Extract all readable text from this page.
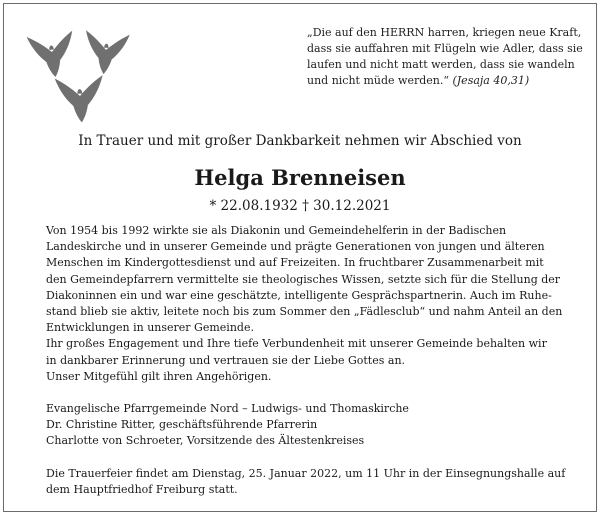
„Die auf den HERRN harren, kriegen neue Kraft,
dass sie auffahren mit Flügeln wie Adler, dass sie
laufen und nicht matt werden, dass sie wandeln
und nicht müde werden.“ (Jesaja 40,31)
In Trauer und mit großer Dankbarkeit nehmen wir Abschied von
Helga Brenneisen
* 22.08.1932 † 30.12.2021

Von 1954 bis 1992 wirkte sie als Diakonin und Gemeindehelferin in der Badischen

Landeskirche und in unserer Gemeinde und prägte Generationen von jungen und älteren

Menschen im Kindergottesdienst und auf Freizeiten. In fruchtbarer Zusammenarbeit mit

den Gemeindepfarrern vermittelte sie theologisches Wissen, setzte sich für die Stellung der

Diakoninnen ein und war eine geschätzte, intelligente Gesprächspartnerin. Auch im Ruhe-

stand blieb sie aktiv, leitete noch bis zum Sommer den „Fädlesclub“ und nahm Anteil an den

Entwicklungen in unserer Gemeinde.

Ihr großes Engagement und Ihre tiefe Verbundenheit mit unserer Gemeinde behalten wir

in dankbarer Erinnerung und vertrauen sie der Liebe Gottes an.

Unser Mitgefühl gilt ihren Angehörigen.

Evangelische Pfarrgemeinde Nord – Ludwigs- und Thomaskirche

Dr. Christine Ritter, geschäftsführende Pfarrerin

Charlotte von Schroeter, Vorsitzende des Ältestenkreises

Die Trauerfeier findet am Dienstag, 25. Januar 2022, um 11 Uhr in der Einsegnungshalle auf

dem Hauptfriedhof Freiburg statt.
